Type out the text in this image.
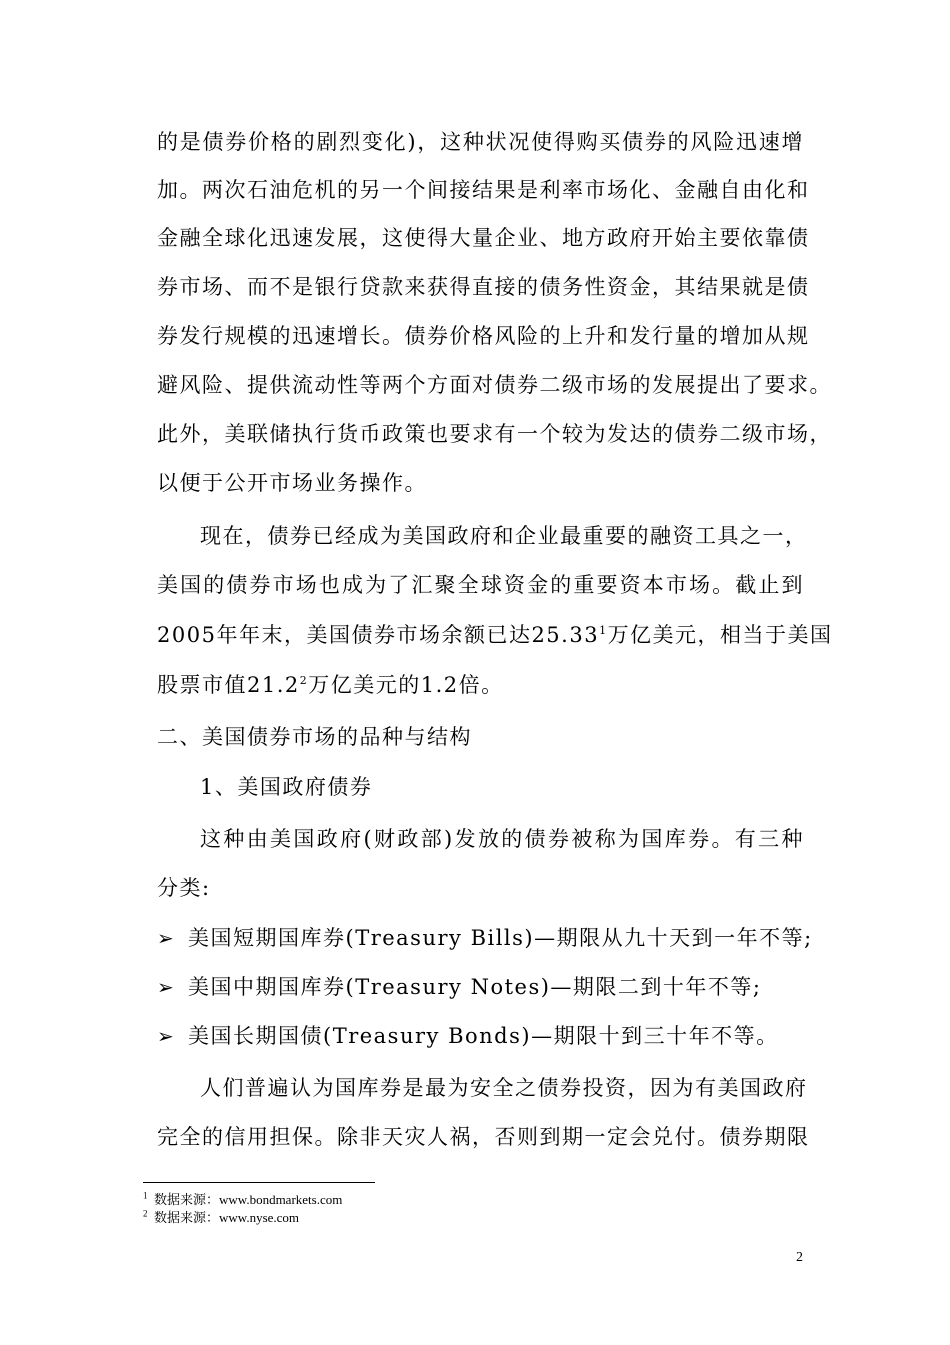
的是债券价格的剧烈变化)，这种状况使得购买债券的风险迅速增
加。两次石油危机的另一个间接结果是利率市场化、金融自由化和
金融全球化迅速发展，这使得大量企业、地方政府开始主要依靠债
券市场、而不是银行贷款来获得直接的债务性资金，其结果就是债
券发行规模的迅速增长。债券价格风险的上升和发行量的增加从规
避风险、提供流动性等两个方面对债券二级市场的发展提出了要求。
此外，美联储执行货币政策也要求有一个较为发达的债券二级市场，
以便于公开市场业务操作。
现在，债券已经成为美国政府和企业最重要的融资工具之一，
美国的债券市场也成为了汇聚全球资金的重要资本市场。截止到
2005年年末，美国债券市场余额已达25.33$^1$ 万亿美元，相当于美国
股票市值21.2$^2$万亿美元的1.2倍。
二、美国债券市场的品种与结构
1、美国政府债券
这种由美国政府(财政部)发放的债券被称为国库券。有三种
分类:
➢ 美国短期国库券(Treasury Bills)—期限从九十天到一年不等;
➢ 美国中期国库券(Treasury Notes)—期限二到十年不等;
➢ 美国长期国债(Treasury Bonds)—期限十到三十年不等。
人们普遍认为国库券是最为安全之债券投资，因为有美国政府
完全的信用担保。除非天灾人祸，否则到期一定会兑付。债券期限
$^1$ 数据来源：www.bondmarkets.com
$^2$ 数据来源：www.nyse.com
2
